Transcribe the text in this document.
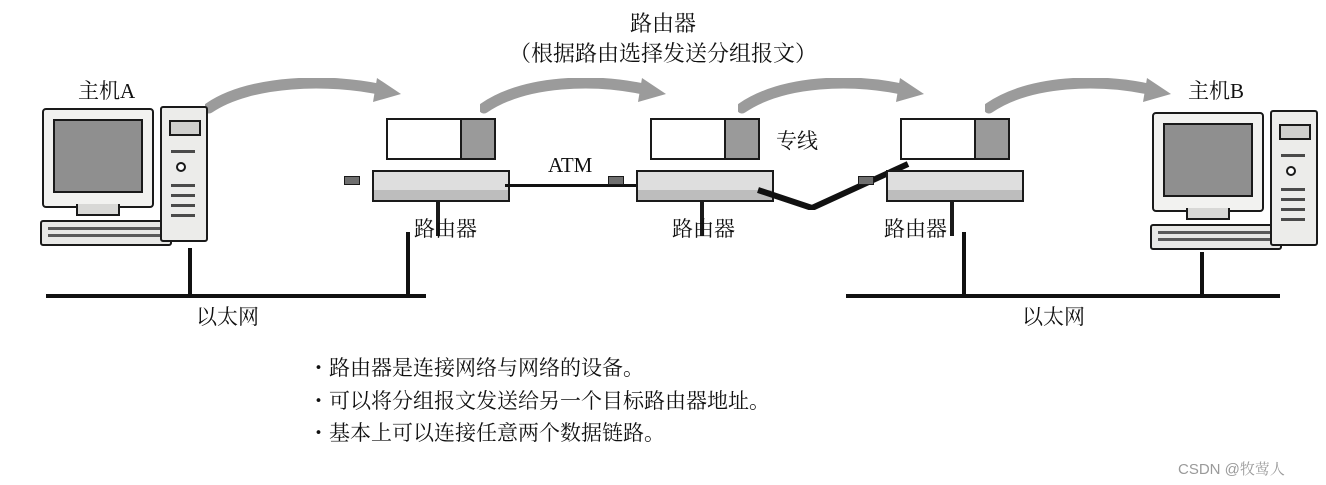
路由器
（根据路由选择发送分组报文）
主机A
以太网
路由器
ATM
路由器
专线
路由器
以太网
主机B
・路由器是连接网络与网络的设备。
・可以将分组报文发送给另一个目标路由器地址。
・基本上可以连接任意两个数据链路。
CSDN @牧莺人
